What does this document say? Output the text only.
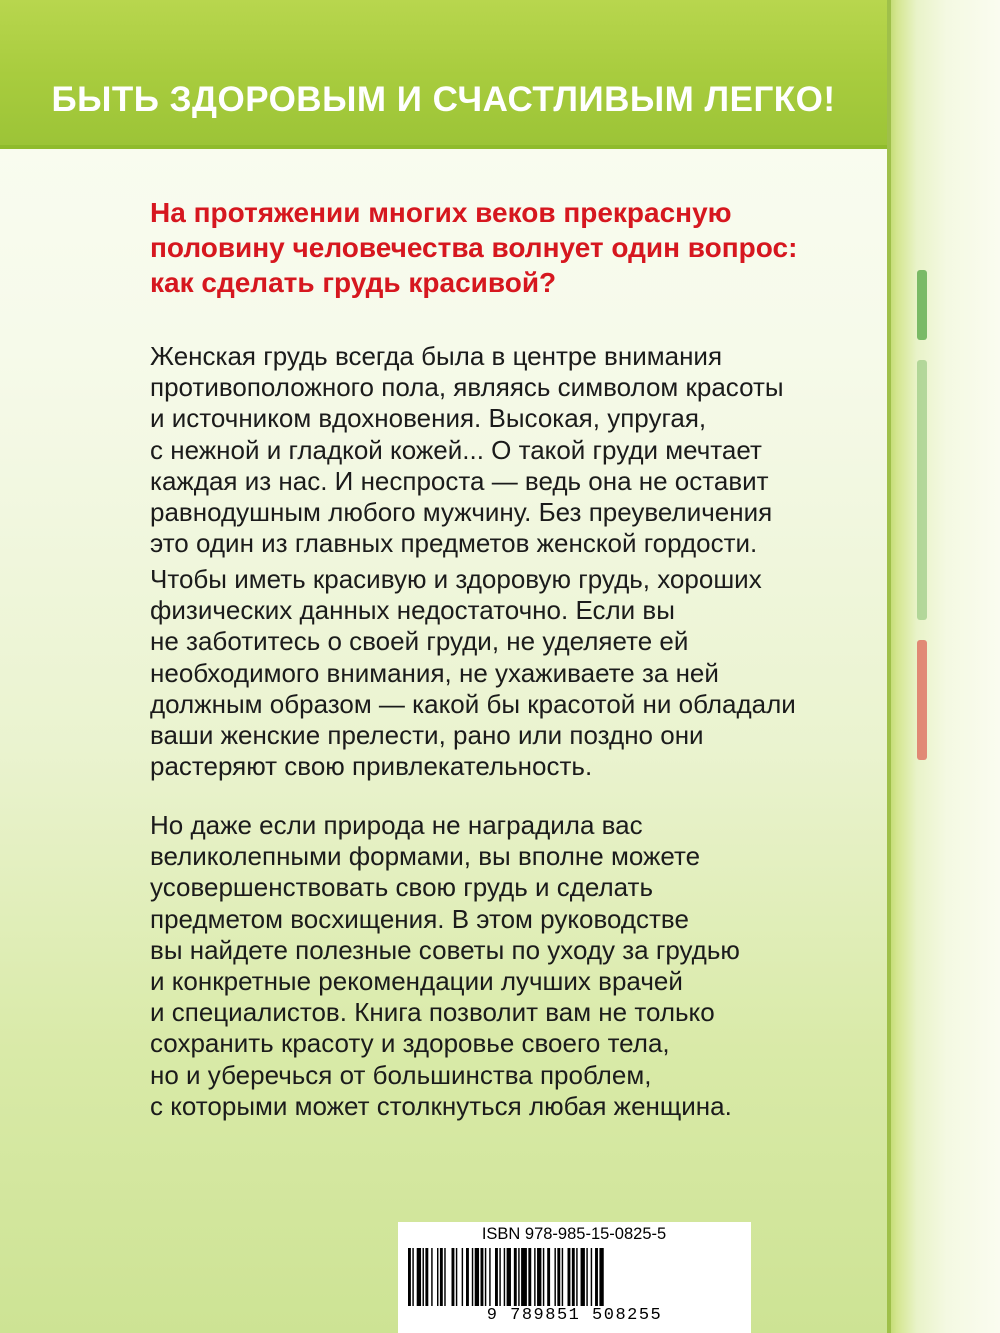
БЫТЬ ЗДОРОВЫМ И СЧАСТЛИВЫМ ЛЕГКО!
На протяжении многих веков прекрасную
половину человечества волнует один вопрос:
как сделать грудь красивой?
Женская грудь всегда была в центре внимания
противоположного пола, являясь символом красоты
и источником вдохновения. Высокая, упругая,
с нежной и гладкой кожей... О такой груди мечтает
каждая из нас. И неспроста — ведь она не оставит
равнодушным любого мужчину. Без преувеличения
это один из главных предметов женской гордости.
Чтобы иметь красивую и здоровую грудь, хороших
физических данных недостаточно. Если вы
не заботитесь о своей груди, не уделяете ей
необходимого внимания, не ухаживаете за ней
должным образом — какой бы красотой ни обладали
ваши женские прелести, рано или поздно они
растеряют свою привлекательность.
Но даже если природа не наградила вас
великолепными формами, вы вполне можете
усовершенствовать свою грудь и сделать
предметом восхищения. В этом руководстве
вы найдете полезные советы по уходу за грудью
и конкретные рекомендации лучших врачей
и специалистов. Книга позволит вам не только
сохранить красоту и здоровье своего тела,
но и уберечься от большинства проблем,
с которыми может столкнуться любая женщина.
ISBN 978-985-15-0825-5
9 789851 508255
